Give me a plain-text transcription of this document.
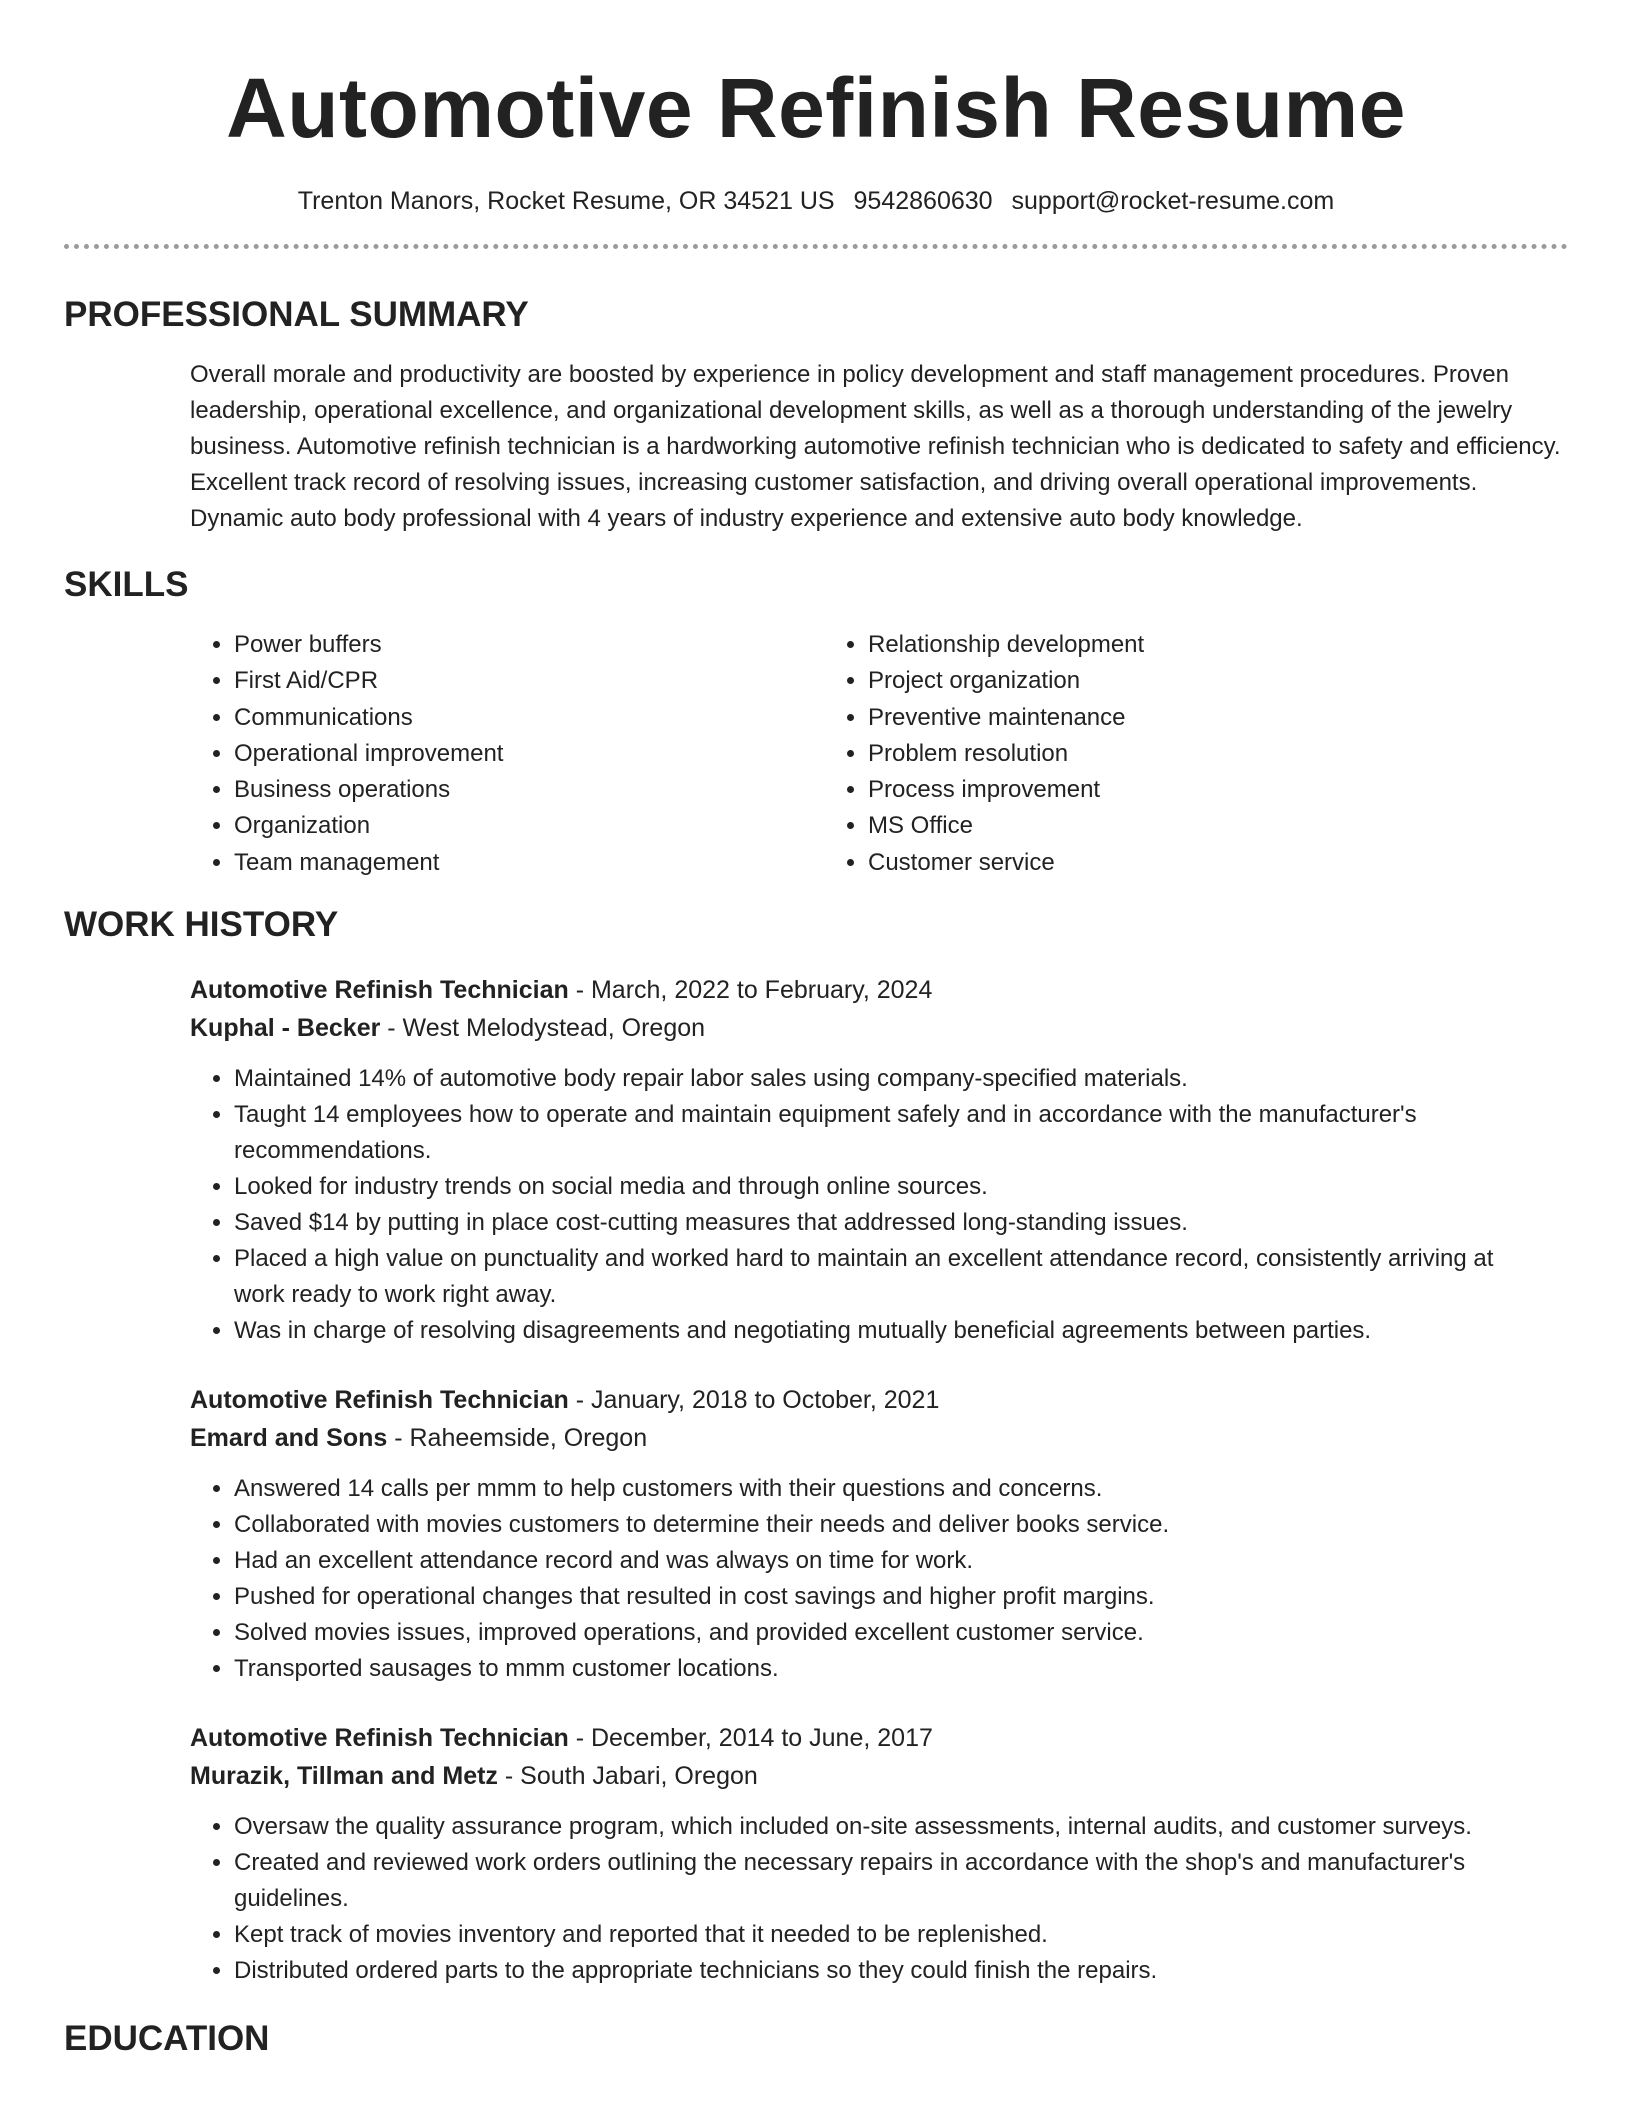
Automotive Refinish Resume
Trenton Manors, Rocket Resume, OR 34521 US 9542860630 support@rocket-resume.com
PROFESSIONAL SUMMARY
Overall morale and productivity are boosted by experience in policy development and staff management procedures. Proven leadership, operational excellence, and organizational development skills, as well as a thorough understanding of the jewelry business. Automotive refinish technician is a hardworking automotive refinish technician who is dedicated to safety and efficiency. Excellent track record of resolving issues, increasing customer satisfaction, and driving overall operational improvements. Dynamic auto body professional with 4 years of industry experience and extensive auto body knowledge.
SKILLS
• Power buffers
• First Aid/CPR
• Communications
• Operational improvement
• Business operations
• Organization
• Team management
• Relationship development
• Project organization
• Preventive maintenance
• Problem resolution
• Process improvement
• MS Office
• Customer service
WORK HISTORY
Automotive Refinish Technician - March, 2022 to February, 2024
Kuphal - Becker - West Melodystead, Oregon
• Maintained 14% of automotive body repair labor sales using company-specified materials.
• Taught 14 employees how to operate and maintain equipment safely and in accordance with the manufacturer's recommendations.
• Looked for industry trends on social media and through online sources.
• Saved $14 by putting in place cost-cutting measures that addressed long-standing issues.
• Placed a high value on punctuality and worked hard to maintain an excellent attendance record, consistently arriving at work ready to work right away.
• Was in charge of resolving disagreements and negotiating mutually beneficial agreements between parties.
Automotive Refinish Technician - January, 2018 to October, 2021
Emard and Sons - Raheemside, Oregon
• Answered 14 calls per mmm to help customers with their questions and concerns.
• Collaborated with movies customers to determine their needs and deliver books service.
• Had an excellent attendance record and was always on time for work.
• Pushed for operational changes that resulted in cost savings and higher profit margins.
• Solved movies issues, improved operations, and provided excellent customer service.
• Transported sausages to mmm customer locations.
Automotive Refinish Technician - December, 2014 to June, 2017
Murazik, Tillman and Metz - South Jabari, Oregon
• Oversaw the quality assurance program, which included on-site assessments, internal audits, and customer surveys.
• Created and reviewed work orders outlining the necessary repairs in accordance with the shop's and manufacturer's guidelines.
• Kept track of movies inventory and reported that it needed to be replenished.
• Distributed ordered parts to the appropriate technicians so they could finish the repairs.
EDUCATION
